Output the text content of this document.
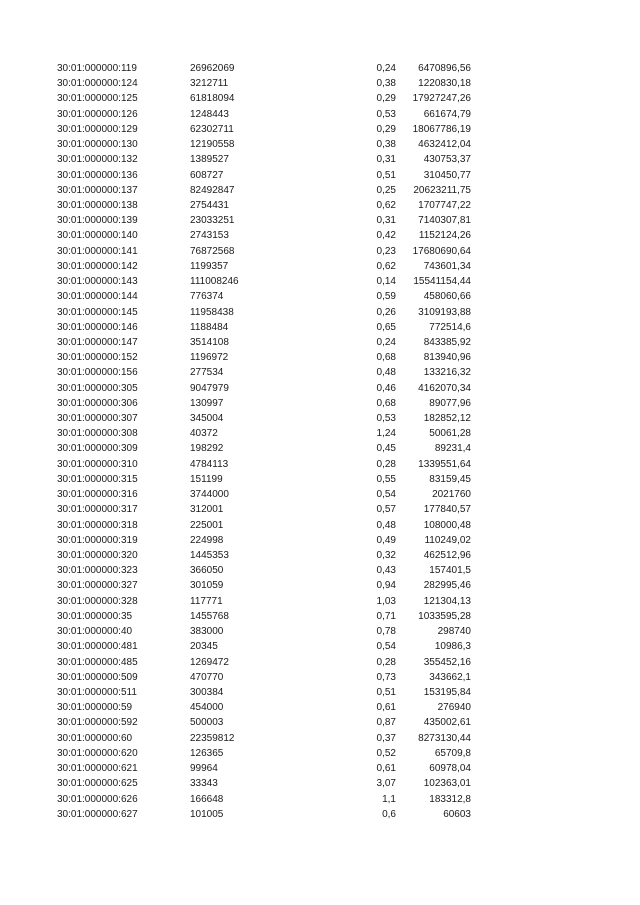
30:01:000000:119	26962069	0,24 6470896,56
30:01:000000:124	3212711	0,38 1220830,18
30:01:000000:125	61818094	0,29 17927247,26
30:01:000000:126	1248443	0,53	661674,79
30:01:000000:129	62302711	0,29 18067786,19
30:01:000000:130	12190558	0,38 4632412,04
30:01:000000:132	1389527	0,31	430753,37
30:01:000000:136	608727	0,51	310450,77
30:01:000000:137	82492847	0,25 20623211,75
30:01:000000:138	2754431	0,62 1707747,22
30:01:000000:139	23033251	0,31 7140307,81
30:01:000000:140	2743153	0,42 1152124,26
30:01:000000:141	76872568	0,23 17680690,64
30:01:000000:142	1199357	0,62	743601,34
30:01:000000:143	111008246	0,14 15541154,44
30:01:000000:144	776374	0,59	458060,66
30:01:000000:145	11958438	0,26 3109193,88
30:01:000000:146	1188484	0,65	772514,6
30:01:000000:147	3514108	0,24	843385,92
30:01:000000:152	1196972	0,68	813940,96
30:01:000000:156	277534	0,48	133216,32
30:01:000000:305	9047979	0,46 4162070,34
30:01:000000:306	130997	0,68	89077,96
30:01:000000:307	345004	0,53	182852,12
30:01:000000:308	40372	1,24	50061,28
30:01:000000:309	198292	0,45	89231,4
30:01:000000:310	4784113	0,28 1339551,64
30:01:000000:315	151199	0,55	83159,45
30:01:000000:316	3744000	0,54	2021760
30:01:000000:317	312001	0,57	177840,57
30:01:000000:318	225001	0,48	108000,48
30:01:000000:319	224998	0,49	110249,02
30:01:000000:320	1445353	0,32	462512,96
30:01:000000:323	366050	0,43	157401,5
30:01:000000:327	301059	0,94	282995,46
30:01:000000:328	117771	1,03	121304,13
30:01:000000:35	1455768	0,71 1033595,28
30:01:000000:40	383000	0,78	298740
30:01:000000:481	20345	0,54	10986,3
30:01:000000:485	1269472	0,28	355452,16
30:01:000000:509	470770	0,73	343662,1
30:01:000000:511	300384	0,51	153195,84
30:01:000000:59	454000	0,61	276940
30:01:000000:592	500003	0,87	435002,61
30:01:000000:60	22359812	0,37 8273130,44
30:01:000000:620	126365	0,52	65709,8
30:01:000000:621	99964	0,61	60978,04
30:01:000000:625	33343	3,07	102363,01
30:01:000000:626	166648	1,1	183312,8
30:01:000000:627	101005	0,6	60603
